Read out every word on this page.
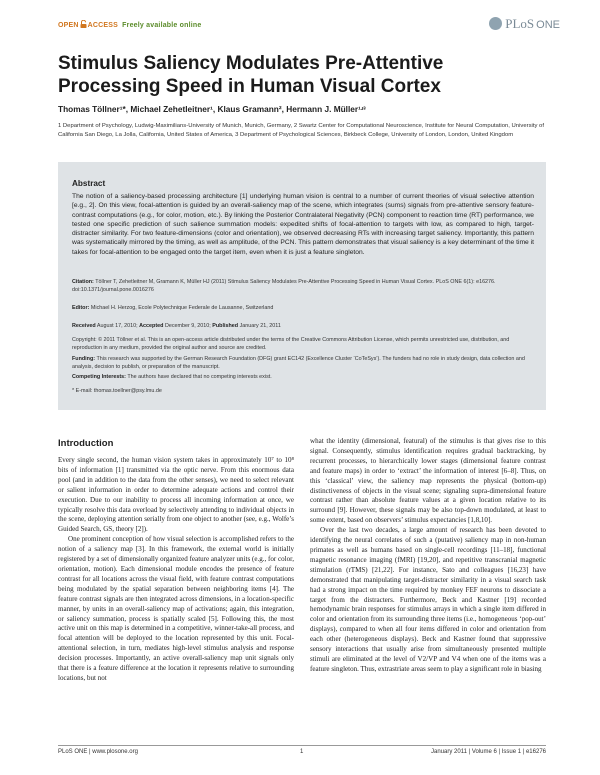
OPEN ACCESS Freely available online	PLoS ONE
Stimulus Saliency Modulates Pre-Attentive Processing Speed in Human Visual Cortex
Thomas Töllner¹*, Michael Zehetleitner¹, Klaus Gramann², Hermann J. Müller¹ʴ³
1 Department of Psychology, Ludwig-Maximilians-University of Munich, Munich, Germany, 2 Swartz Center for Computational Neuroscience, Institute for Neural Computation, University of California San Diego, La Jolla, California, United States of America, 3 Department of Psychological Sciences, Birkbeck College, University of London, London, United Kingdom
Abstract

The notion of a saliency-based processing architecture [1] underlying human vision is central to a number of current theories of visual selective attention [e.g., 2]. On this view, focal-attention is guided by an overall-saliency map of the scene, which integrates (sums) signals from pre-attentive sensory feature-contrast computations (e.g., for color, motion, etc.). By linking the Posterior Contralateral Negativity (PCN) component to reaction time (RT) performance, we tested one specific prediction of such salience summation models: expedited shifts of focal-attention to targets with low, as compared to high, target-distracter similarity. For two feature-dimensions (color and orientation), we observed decreasing RTs with increasing target saliency. Importantly, this pattern was systematically mirrored by the timing, as well as amplitude, of the PCN. This pattern demonstrates that visual saliency is a key determinant of the time it takes for focal-attention to be engaged onto the target item, even when it is just a feature singleton.

Citation: Töllner T, Zehetleitner M, Gramann K, Müller HJ (2011) Stimulus Saliency Modulates Pre-Attentive Processing Speed in Human Visual Cortex. PLoS ONE 6(1): e16276. doi:10.1371/journal.pone.0016276

Editor: Michael H. Herzog, Ecole Polytechnique Federale de Lausanne, Switzerland

Received August 17, 2010; Accepted December 9, 2010; Published January 21, 2011

Copyright: © 2011 Töllner et al. This is an open-access article distributed under the terms of the Creative Commons Attribution License, which permits unrestricted use, distribution, and reproduction in any medium, provided the original author and source are credited.

Funding: This research was supported by the German Research Foundation (DFG) grant EC142 (Excellence Cluster ‘CoTeSys’). The funders had no role in study design, data collection and analysis, decision to publish, or preparation of the manuscript.

Competing Interests: The authors have declared that no competing interests exist.

* E-mail: thomas.toellner@psy.lmu.de

Introduction

Every single second, the human vision system takes in approximately 10⁷ to 10⁸ bits of information [1] transmitted via the optic nerve. From this enormous data pool (and in addition to the data from the other senses), we need to select relevant or salient information in order to determine adequate actions and control their execution. Due to our inability to process all incoming information at once, we typically resolve this data overload by selectively attending to individual objects in the scene, deploying attention serially from one object to another (see, e.g., Wolfe’s Guided Search, GS, theory [2]).

One prominent conception of how visual selection is accomplished refers to the notion of a saliency map [3]. In this framework, the external world is initially registered by a set of dimensionally organized feature analyzer units (e.g., for color, orientation, motion). Each dimensional module encodes the presence of feature contrast for all locations across the visual field, with feature contrast computations being modulated by the spatial separation between neighboring items [4]. The feature contrast signals are then integrated across dimensions, in a location-specific manner, by units in an overall-saliency map of activations; again, this integration, or saliency summation, process is spatially scaled [5]. Following this, the most active unit on this map is determined in a competitive, winner-take-all process, and focal attention will be deployed to the location represented by this unit. Focal-attentional selection, in turn, mediates high-level stimulus analysis and response decision processes. Importantly, an active overall-saliency map unit signals only that there is a feature difference at the location it represents relative to surrounding locations, but not

what the identity (dimensional, featural) of the stimulus is that gives rise to this signal. Consequently, stimulus identification requires gradual backtracking, by recurrent processes, to hierarchically lower stages (dimensional feature contrast and feature maps) in order to ‘extract’ the information of interest [6–8]. Thus, on this ‘classical’ view, the saliency map represents the physical (bottom-up) distinctiveness of objects in the visual scene; signaling supra-dimensional feature contrast rather than absolute feature values at a given location relative to its surround [9]. However, these signals may be also top-down modulated, at least to some extent, based on observers’ stimulus expectancies [1,8,10].

Over the last two decades, a large amount of research has been devoted to identifying the neural correlates of such a (putative) saliency map in non-human primates as well as humans based on single-cell recordings [11–18], functional magnetic resonance imaging (fMRI) [19,20], and repetitive transcranial magnetic stimulation (rTMS) [21,22]. For instance, Sato and colleagues [16,23] have demonstrated that manipulating target-distracter similarity in a visual search task had a strong impact on the time required by monkey FEF neurons to dissociate a target from the distracters. Furthermore, Beck and Kastner [19] recorded hemodynamic brain responses for stimulus arrays in which a single item differed in color and orientation from its surrounding three items (i.e., homogeneous ‘pop-out’ displays), compared to when all four items differed in color and orientation from each other (heterogeneous displays). Beck and Kastner found that suppressive sensory interactions that usually arise from simultaneously presented multiple stimuli are eliminated at the level of V2/VP and V4 when one of the items was a feature singleton. Thus, extrastriate areas seem to play a significant role in biasing

PLoS ONE | www.plosone.org	1	January 2011 | Volume 6 | Issue 1 | e16276
